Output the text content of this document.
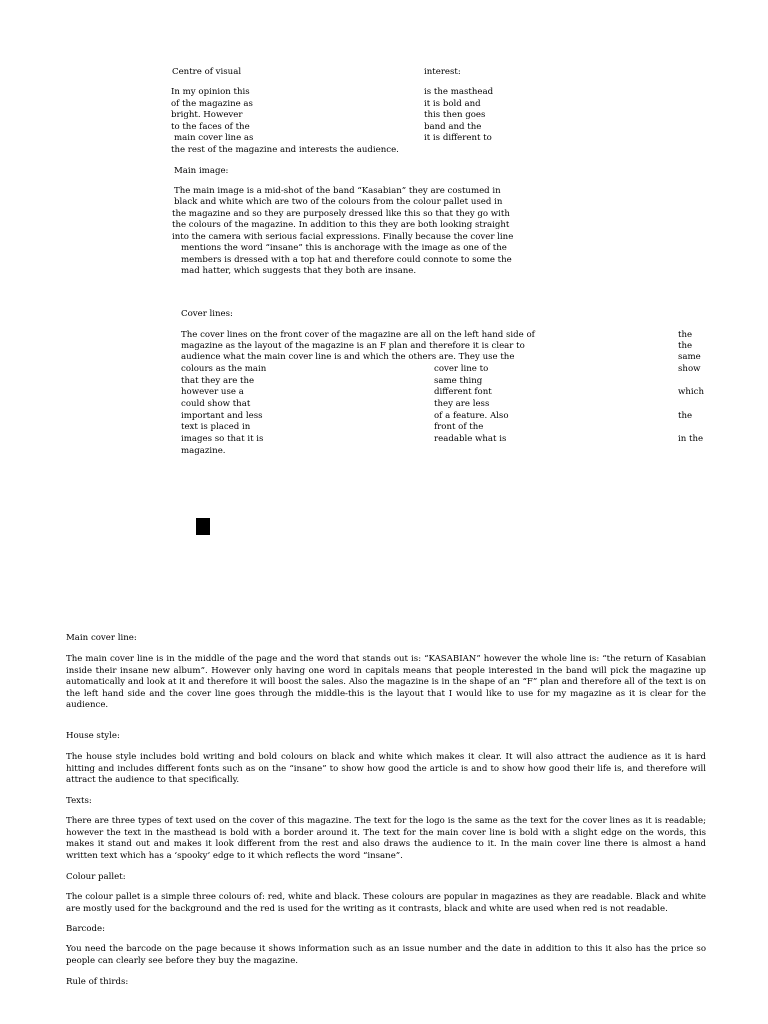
Centre of visual	interest:
In my opinion this
of the magazine as
bright. However
to the faces of the
main cover line as
the rest of the magazine and interests the audience.
is the masthead
it is bold and
this then goes
band and the
it is different to
Main image:
The main image is a mid-shot of the band “Kasabian” they are costumed in
black and white which are two of the colours from the colour pallet used in
the magazine and so they are purposely dressed like this so that they go with
the colours of the magazine. In addition to this they are both looking straight
into the camera with serious facial expressions. Finally because the cover line
mentions the word “insane” this is anchorage with the image as one of the
members is dressed with a top hat and therefore could connote to some the
mad hatter, which suggests that they both are insane.
Cover lines:
The cover lines on the front cover of the magazine are all on the left hand side of
magazine as the layout of the magazine is an F plan and therefore it is clear to
audience what the main cover line is and which the others are. They use the
colours as the main
that they are the
however use a
could show that
important and less
text is placed in
images so that it is
magazine.
cover line to
same thing
different font
they are less
of a feature. Also
front of the
readable what is
the
the
same
show
which
the
in the
Main cover line:
The main cover line is in the middle of the page and the word that stands out is: “KASABIAN” however the whole line is: “the return of Kasabian inside their insane new album”. However only having one word in capitals means that people interested in the band will pick the magazine up automatically and look at it and therefore it will boost the sales. Also the magazine is in the shape of an “F” plan and therefore all of the text is on the left hand side and the cover line goes through the middle-this is the layout that I would like to use for my magazine as it is clear for the audience.
House style:
The house style includes bold writing and bold colours on black and white which makes it clear. It will also attract the audience as it is hard hitting and includes different fonts such as on the “insane” to show how good the article is and to show how good their life is, and therefore will attract the audience to that specifically.
Texts:
There are three types of text used on the cover of this magazine. The text for the logo is the same as the text for the cover lines as it is readable; however the text in the masthead is bold with a border around it. The text for the main cover line is bold with a slight edge on the words, this makes it stand out and makes it look different from the rest and also draws the audience to it. In the main cover line there is almost a hand written text which has a ‘spooky’ edge to it which reflects the word “insane”.
Colour pallet:
The colour pallet is a simple three colours of: red, white and black. These colours are popular in magazines as they are readable. Black and white are mostly used for the background and the red is used for the writing as it contrasts, black and white are used when red is not readable.
Barcode:
You need the barcode on the page because it shows information such as an issue number and the date in addition to this it also has the price so people can clearly see before they buy the magazine.
Rule of thirds:
